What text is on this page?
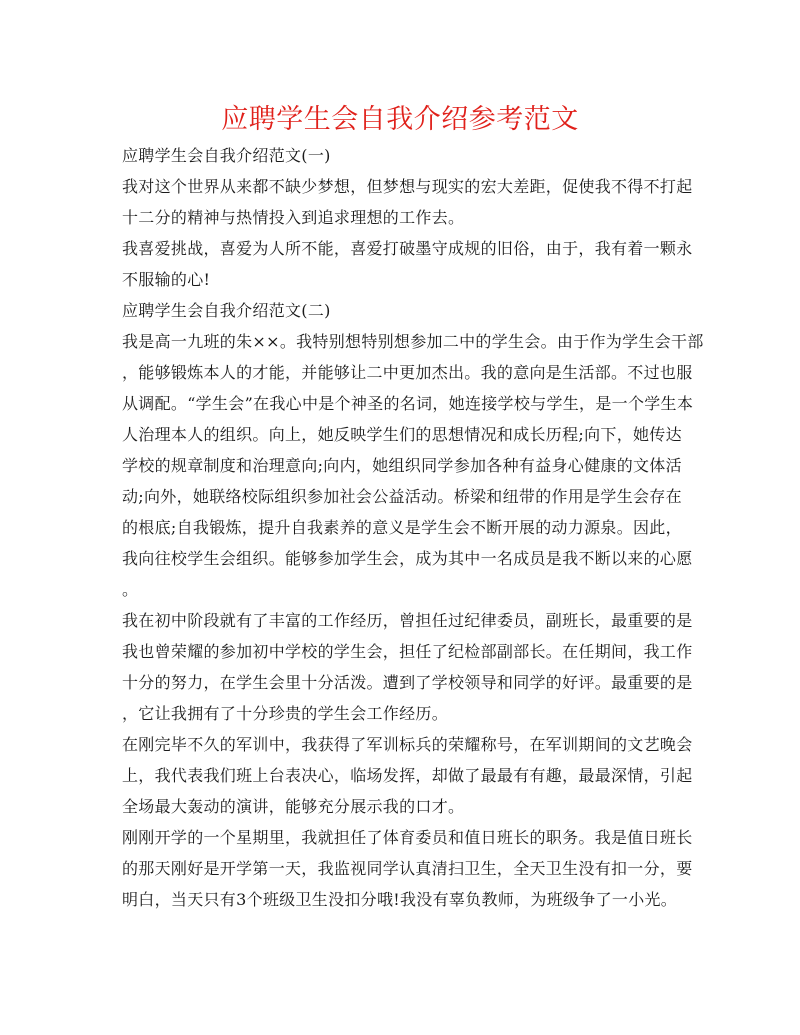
应聘学生会自我介绍参考范文
应聘学生会自我介绍范文(一)
我对这个世界从来都不缺少梦想，但梦想与现实的宏大差距，促使我不得不打起
十二分的精神与热情投入到追求理想的工作去。
我喜爱挑战，喜爱为人所不能，喜爱打破墨守成规的旧俗，由于，我有着一颗永
不服输的心!
应聘学生会自我介绍范文(二)
我是高一九班的朱××。我特别想特别想参加二中的学生会。由于作为学生会干部
，能够锻炼本人的才能，并能够让二中更加杰出。我的意向是生活部。不过也服
从调配。“学生会”在我心中是个神圣的名词，她连接学校与学生，是一个学生本
人治理本人的组织。向上，她反映学生们的思想情况和成长历程;向下，她传达
学校的规章制度和治理意向;向内，她组织同学参加各种有益身心健康的文体活
动;向外，她联络校际组织参加社会公益活动。桥梁和纽带的作用是学生会存在
的根底;自我锻炼，提升自我素养的意义是学生会不断开展的动力源泉。因此，
我向往校学生会组织。能够参加学生会，成为其中一名成员是我不断以来的心愿
。
我在初中阶段就有了丰富的工作经历，曾担任过纪律委员，副班长，最重要的是
我也曾荣耀的参加初中学校的学生会，担任了纪检部副部长。在任期间，我工作
十分的努力，在学生会里十分活泼。遭到了学校领导和同学的好评。最重要的是
，它让我拥有了十分珍贵的学生会工作经历。
在刚完毕不久的军训中，我获得了军训标兵的荣耀称号，在军训期间的文艺晚会
上，我代表我们班上台表决心，临场发挥，却做了最最有有趣，最最深情，引起
全场最大轰动的演讲，能够充分展示我的口才。
刚刚开学的一个星期里，我就担任了体育委员和值日班长的职务。我是值日班长
的那天刚好是开学第一天，我监视同学认真清扫卫生，全天卫生没有扣一分，要
明白，当天只有3个班级卫生没扣分哦!我没有辜负教师，为班级争了一小光。
